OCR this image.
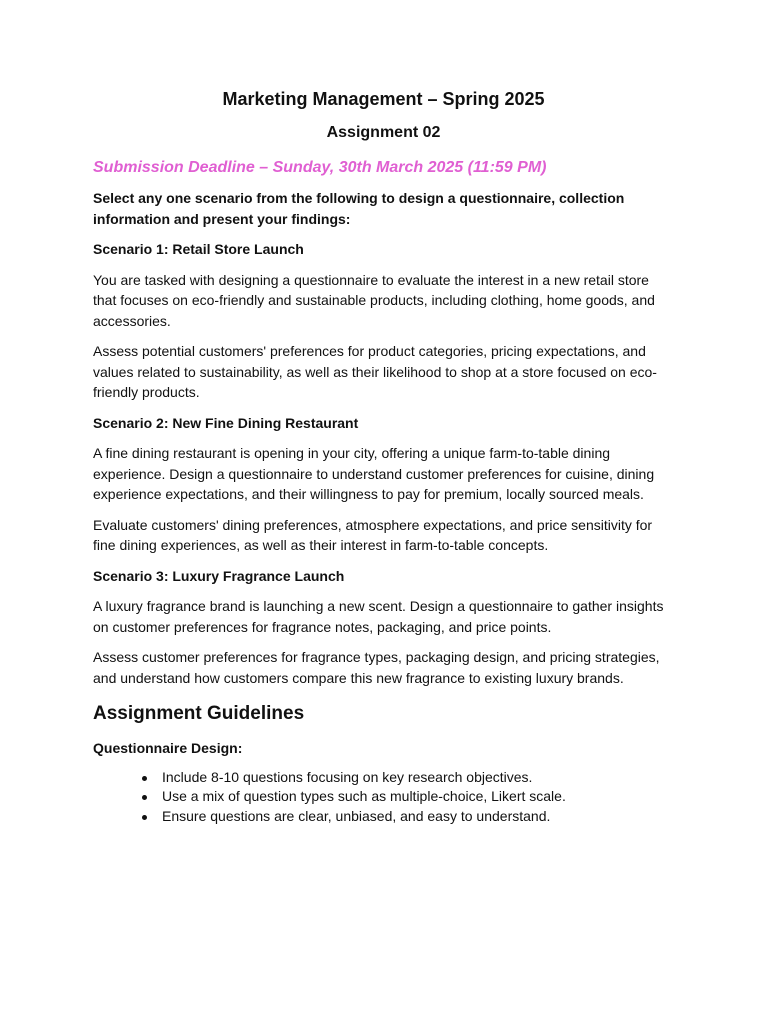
Marketing Management – Spring 2025
Assignment 02

Submission Deadline – Sunday, 30th March 2025 (11:59 PM)

Select any one scenario from the following to design a questionnaire, collection information and present your findings:

Scenario 1: Retail Store Launch

You are tasked with designing a questionnaire to evaluate the interest in a new retail store that focuses on eco-friendly and sustainable products, including clothing, home goods, and accessories.

Assess potential customers' preferences for product categories, pricing expectations, and values related to sustainability, as well as their likelihood to shop at a store focused on eco-friendly products.

Scenario 2: New Fine Dining Restaurant

A fine dining restaurant is opening in your city, offering a unique farm-to-table dining experience. Design a questionnaire to understand customer preferences for cuisine, dining experience expectations, and their willingness to pay for premium, locally sourced meals.

Evaluate customers' dining preferences, atmosphere expectations, and price sensitivity for fine dining experiences, as well as their interest in farm-to-table concepts.

Scenario 3: Luxury Fragrance Launch

A luxury fragrance brand is launching a new scent. Design a questionnaire to gather insights on customer preferences for fragrance notes, packaging, and price points.

Assess customer preferences for fragrance types, packaging design, and pricing strategies, and understand how customers compare this new fragrance to existing luxury brands.

Assignment Guidelines

Questionnaire Design:

Include 8-10 questions focusing on key research objectives.
Use a mix of question types such as multiple-choice, Likert scale.
Ensure questions are clear, unbiased, and easy to understand.
